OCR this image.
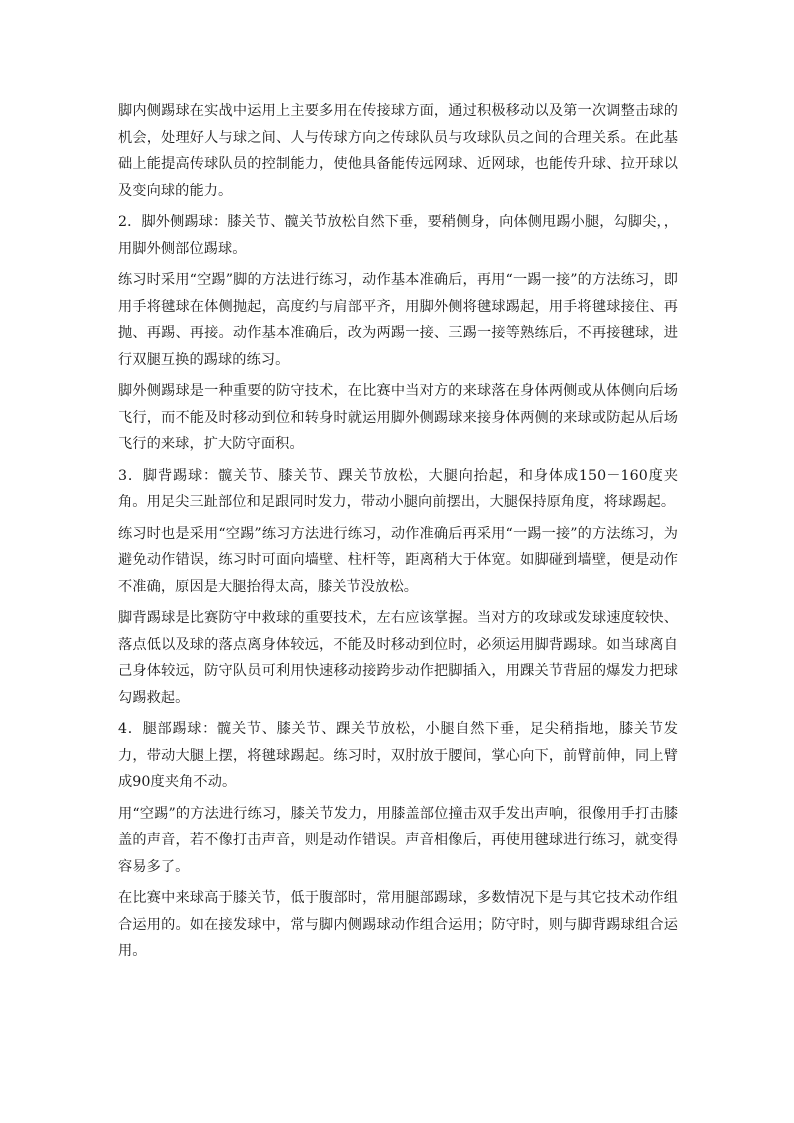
脚内侧踢球在实战中运用上主要多用在传接球方面，通过积极移动以及第一次调整击球的机会，处理好人与球之间、人与传球方向之传球队员与攻球队员之间的合理关系。在此基础上能提高传球队员的控制能力，使他具备能传远网球、近网球，也能传升球、拉开球以及变向球的能力。

2．脚外侧踢球：膝关节、髋关节放松自然下垂，要稍侧身，向体侧甩踢小腿，勾脚尖，，用脚外侧部位踢球。

练习时采用“空踢”脚的方法进行练习，动作基本准确后，再用“一踢一接”的方法练习，即用手将毽球在体侧抛起，高度约与肩部平齐，用脚外侧将毽球踢起，用手将毽球接住、再抛、再踢、再接。动作基本准确后，改为两踢一接、三踢一接等熟练后，不再接毽球，进行双腿互换的踢球的练习。

脚外侧踢球是一种重要的防守技术，在比赛中当对方的来球落在身体两侧或从体侧向后场飞行，而不能及时移动到位和转身时就运用脚外侧踢球来接身体两侧的来球或防起从后场飞行的来球，扩大防守面积。

3．脚背踢球：髋关节、膝关节、踝关节放松，大腿向抬起，和身体成150－160度夹角。用足尖三趾部位和足跟同时发力，带动小腿向前摆出，大腿保持原角度，将球踢起。

练习时也是采用“空踢”练习方法进行练习，动作准确后再采用“一踢一接”的方法练习，为避免动作错误，练习时可面向墙壁、柱杆等，距离稍大于体宽。如脚碰到墙壁，便是动作不准确，原因是大腿抬得太高，膝关节没放松。

脚背踢球是比赛防守中救球的重要技术，左右应该掌握。当对方的攻球或发球速度较快、落点低以及球的落点离身体较远，不能及时移动到位时，必须运用脚背踢球。如当球离自己身体较远，防守队员可利用快速移动接跨步动作把脚插入，用踝关节背屈的爆发力把球勾踢救起。

4．腿部踢球：髋关节、膝关节、踝关节放松，小腿自然下垂，足尖稍指地，膝关节发力，带动大腿上摆，将毽球踢起。练习时，双肘放于腰间，掌心向下，前臂前伸，同上臂成90度夹角不动。

用“空踢”的方法进行练习，膝关节发力，用膝盖部位撞击双手发出声响，很像用手打击膝盖的声音，若不像打击声音，则是动作错误。声音相像后，再使用毽球进行练习，就变得容易多了。

在比赛中来球高于膝关节，低于腹部时，常用腿部踢球，多数情况下是与其它技术动作组合运用的。如在接发球中，常与脚内侧踢球动作组合运用；防守时，则与脚背踢球组合运用。
